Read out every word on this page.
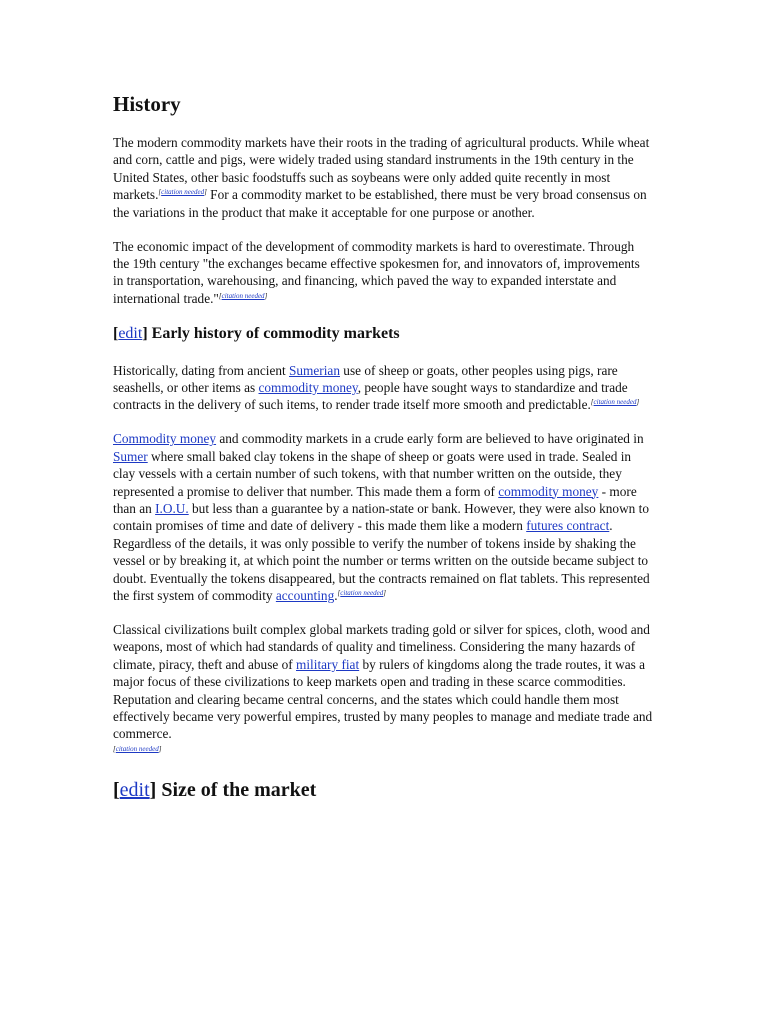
History

The modern commodity markets have their roots in the trading of agricultural products. While wheat and corn, cattle and pigs, were widely traded using standard instruments in the 19th century in the United States, other basic foodstuffs such as soybeans were only added quite recently in most markets.[citation needed] For a commodity market to be established, there must be very broad consensus on the variations in the product that make it acceptable for one purpose or another.

The economic impact of the development of commodity markets is hard to overestimate. Through the 19th century "the exchanges became effective spokesmen for, and innovators of, improvements in transportation, warehousing, and financing, which paved the way to expanded interstate and international trade."[citation needed]

[edit] Early history of commodity markets

Historically, dating from ancient Sumerian use of sheep or goats, other peoples using pigs, rare seashells, or other items as commodity money, people have sought ways to standardize and trade contracts in the delivery of such items, to render trade itself more smooth and predictable.[citation needed]

Commodity money and commodity markets in a crude early form are believed to have originated in Sumer where small baked clay tokens in the shape of sheep or goats were used in trade. Sealed in clay vessels with a certain number of such tokens, with that number written on the outside, they represented a promise to deliver that number. This made them a form of commodity money - more than an I.O.U. but less than a guarantee by a nation-state or bank. However, they were also known to contain promises of time and date of delivery - this made them like a modern futures contract. Regardless of the details, it was only possible to verify the number of tokens inside by shaking the vessel or by breaking it, at which point the number or terms written on the outside became subject to doubt. Eventually the tokens disappeared, but the contracts remained on flat tablets. This represented the first system of commodity accounting.[citation needed]

Classical civilizations built complex global markets trading gold or silver for spices, cloth, wood and weapons, most of which had standards of quality and timeliness. Considering the many hazards of climate, piracy, theft and abuse of military fiat by rulers of kingdoms along the trade routes, it was a major focus of these civilizations to keep markets open and trading in these scarce commodities. Reputation and clearing became central concerns, and the states which could handle them most effectively became very powerful empires, trusted by many peoples to manage and mediate trade and commerce.
[citation needed]

[edit] Size of the market
